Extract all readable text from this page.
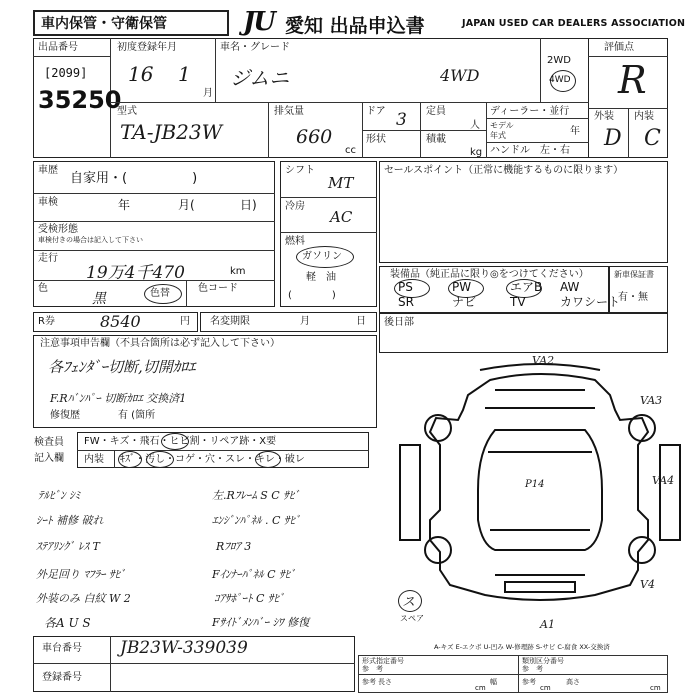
車内保管・守衛保管	JU 愛知 出品申込書	JAPAN USED CAR DEALERS ASSOCIATION
出品番号
[2099]
35250
初度登録年月
16 1
月
車名・グレード
ジムニ	4WD
2WD
4WD
型式
TA-JB23W
排気量
660
cc
ドア 3
形状
定員
人
積載
kg
ディーラー・並行
モデル
年式	年
ハンドル 左・右
評価点
R
外装 内装
D C
車歴
自家用・(　　　　　)
車検	年	月(	日)
受検形態
車検付きの場合は記入して下さい
走行
19万4千470	km
色
黒	色替	色コード
シフト
MT
冷房
AC
燃料
ガソリン
軽　油
(　　　　)
セールスポイント（正常に機能するものに限ります）
装備品（純正品に限り◎をつけてください）
PS	PW	エアB AW
SR	ナビ	TV	カワシート
新車保証書
有・無
R券	8540	円 名変期限	月	日 後日部
注意事項申告欄（不具合箇所は必ず記入して下さい）
各ﾌｪﾝﾀﾞｰ切断,切開ｶﾛｴ
F.Rﾊﾞﾝﾊﾟｰ 切断ｶﾛｴ 交換済1
修復歴	有 (箇所
検査員
記入欄
FW・キズ・飛石・ヒビ割・リペア跡・X要
内装 ｷｽﾞ・汚し・コゲ・穴・スレ・キレ・破レ
ﾃﾙﾋﾞﾝ ｼﾐ
ｼｰﾄ 補修 破れ
ｽﾃｱﾘﾝｸﾞ ﾚｽ T
外足回り ﾏﾌﾗｰ ｻﾋﾞ
外装のみ 白紋 W 2
各A U S
左.Rﾌﾚｰﾑ S C ｻﾋﾞ
ｴﾝｼﾞﾝﾊﾟﾈﾙ . C ｻﾋﾞ
Rﾌﾛｱ 3
Fｲﾝﾅｰﾊﾟﾈﾙ C ｻﾋﾞ
ｺｱｻﾎﾟｰﾄ C ｻﾋﾞ
Fｻｲﾄﾞﾒﾝﾊﾞｰ ｼﾜ 修復
VA2
VA3
VA4
V4
P14
A1
ス
スペア
A-キズ E-エクボ U-凹み W-修理跡 S-サビ C-腐食 XX-交換済
車台番号 JB23W-339039
登録番号
形式指定番号
参　考
類別区分番号
参　考
参考 長さ
cm
幅	参考
cm
高さ
cm
